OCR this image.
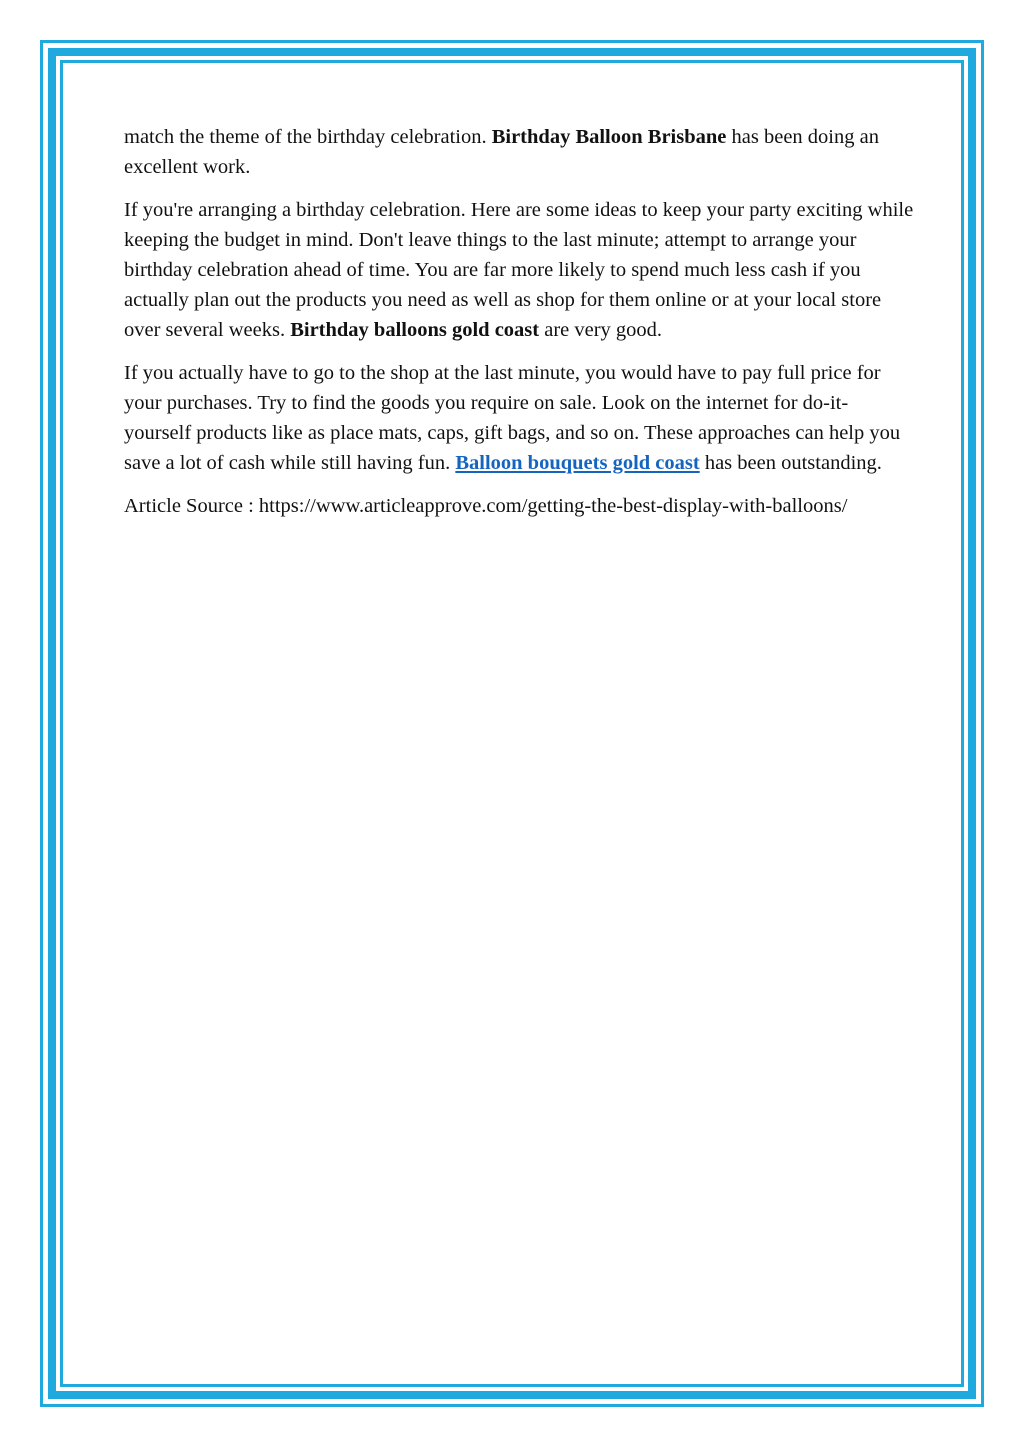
match the theme of the birthday celebration. Birthday Balloon Brisbane has been doing an excellent work.

If you're arranging a birthday celebration. Here are some ideas to keep your party exciting while keeping the budget in mind. Don't leave things to the last minute; attempt to arrange your birthday celebration ahead of time. You are far more likely to spend much less cash if you actually plan out the products you need as well as shop for them online or at your local store over several weeks. Birthday balloons gold coast are very good.

If you actually have to go to the shop at the last minute, you would have to pay full price for your purchases. Try to find the goods you require on sale. Look on the internet for do-it-yourself products like as place mats, caps, gift bags, and so on. These approaches can help you save a lot of cash while still having fun. Balloon bouquets gold coast has been outstanding.

Article Source : https://www.articleapprove.com/getting-the-best-display-with-balloons/
